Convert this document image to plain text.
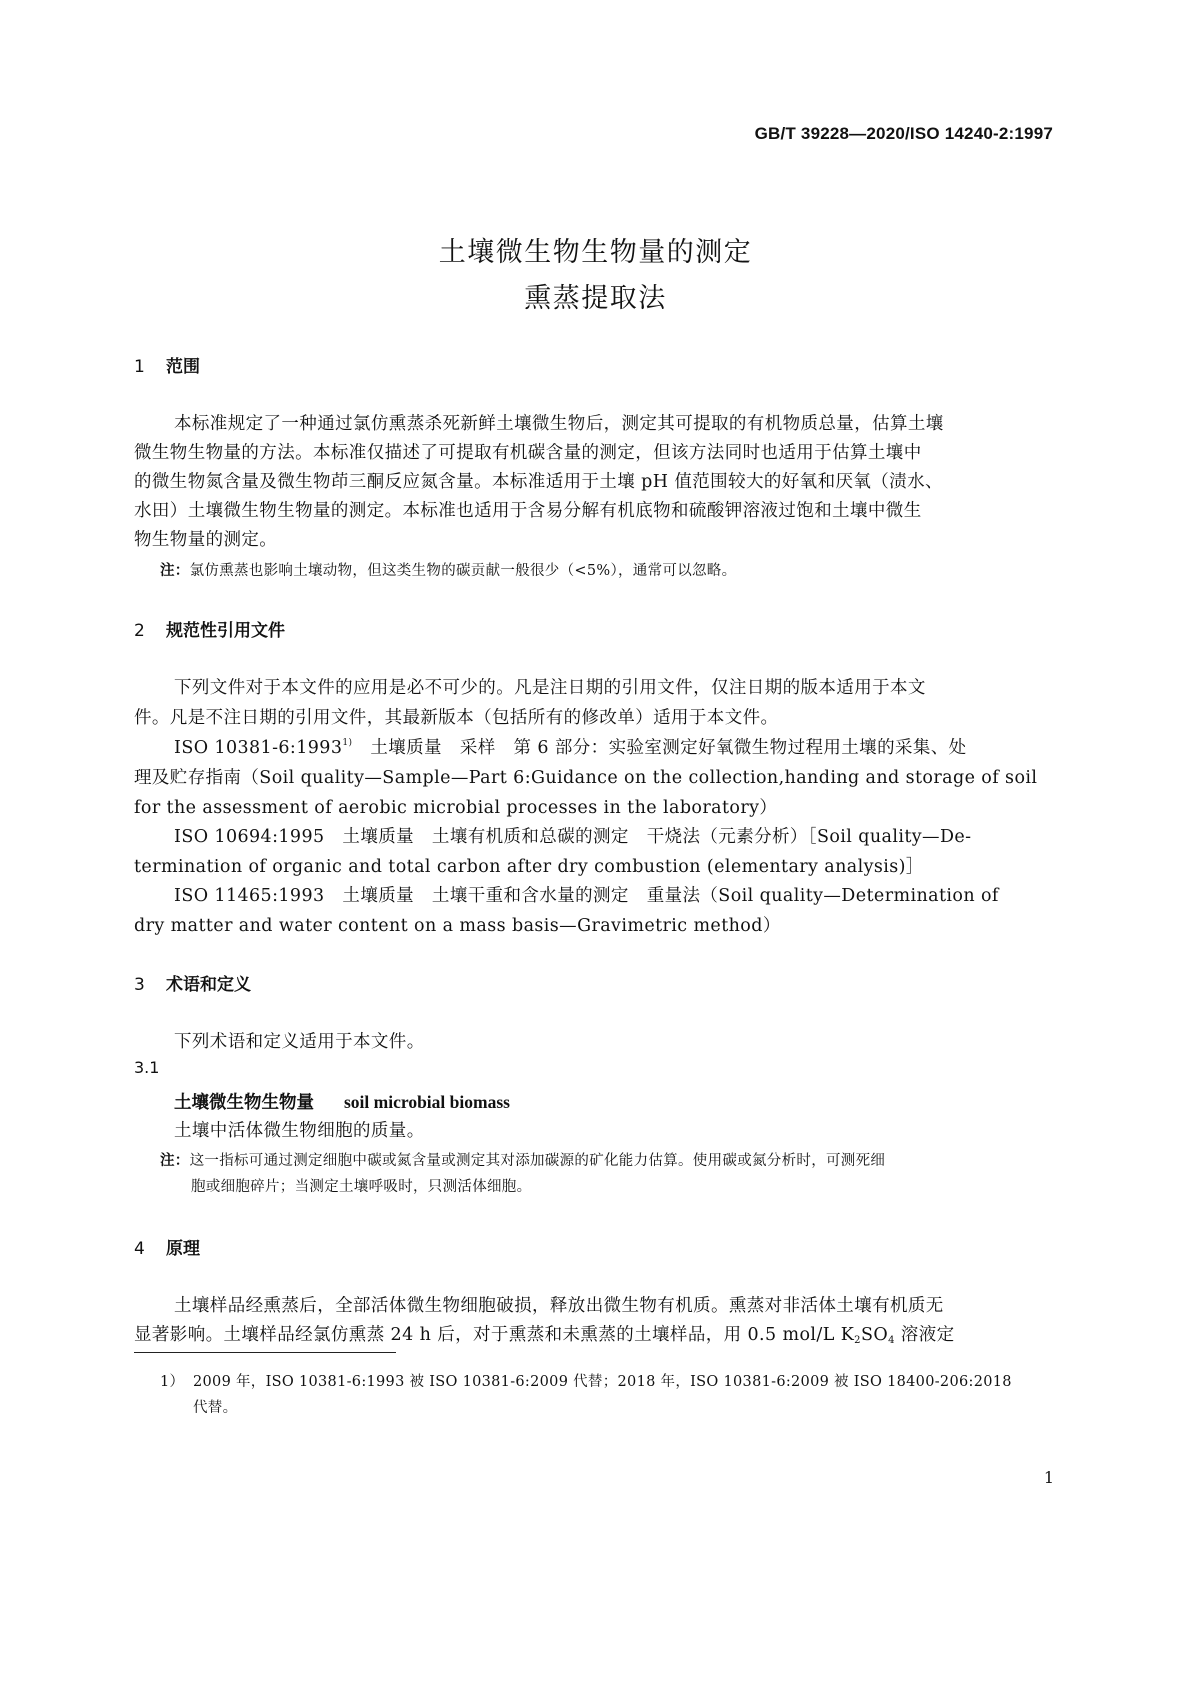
GB/T 39228—2020/ISO 14240-2:1997
土壤微生物生物量的测定
熏蒸提取法
1 范围
本标准规定了一种通过氯仿熏蒸杀死新鲜土壤微生物后，测定其可提取的有机物质总量，估算土壤
微生物生物量的方法。本标准仅描述了可提取有机碳含量的测定，但该方法同时也适用于估算土壤中
的微生物氮含量及微生物茚三酮反应氮含量。本标准适用于土壤 pH 值范围较大的好氧和厌氧（渍水、
水田）土壤微生物生物量的测定。本标准也适用于含易分解有机底物和硫酸钾溶液过饱和土壤中微生
物生物量的测定。
注：氯仿熏蒸也影响土壤动物，但这类生物的碳贡献一般很少（<5%），通常可以忽略。
2 规范性引用文件
下列文件对于本文件的应用是必不可少的。凡是注日期的引用文件，仅注日期的版本适用于本文
件。凡是不注日期的引用文件，其最新版本（包括所有的修改单）适用于本文件。
ISO 10381-6:1993$^{1)}$　土壤质量　采样　第 6 部分：实验室测定好氧微生物过程用土壤的采集、处
理及贮存指南（Soil quality—Sample—Part 6:Guidance on the collection,handing and storage of soil
for the assessment of aerobic microbial processes in the laboratory）
ISO 10694:1995　土壤质量　土壤有机质和总碳的测定　干烧法（元素分析）［Soil quality—De-
termination of organic and total carbon after dry combustion (elementary analysis)］
ISO 11465:1993　土壤质量　土壤干重和含水量的测定　重量法（Soil quality—Determination of
dry matter and water content on a mass basis—Gravimetric method）
3 术语和定义
下列术语和定义适用于本文件。
3.1
土壤微生物生物量 soil microbial biomass
土壤中活体微生物细胞的质量。
注：这一指标可通过测定细胞中碳或氮含量或测定其对添加碳源的矿化能力估算。使用碳或氮分析时，可测死细
胞或细胞碎片；当测定土壤呼吸时，只测活体细胞。
4 原理
土壤样品经熏蒸后，全部活体微生物细胞破损，释放出微生物有机质。熏蒸对非活体土壤有机质无
显著影响。土壤样品经氯仿熏蒸 24 h 后，对于熏蒸和未熏蒸的土壤样品，用 0.5 mol/L $K_2SO_4$ 溶液定
1） 2009 年，ISO 10381-6:1993 被 ISO 10381-6:2009 代替；2018 年，ISO 10381-6:2009 被 ISO 18400-206:2018
代替。
1
